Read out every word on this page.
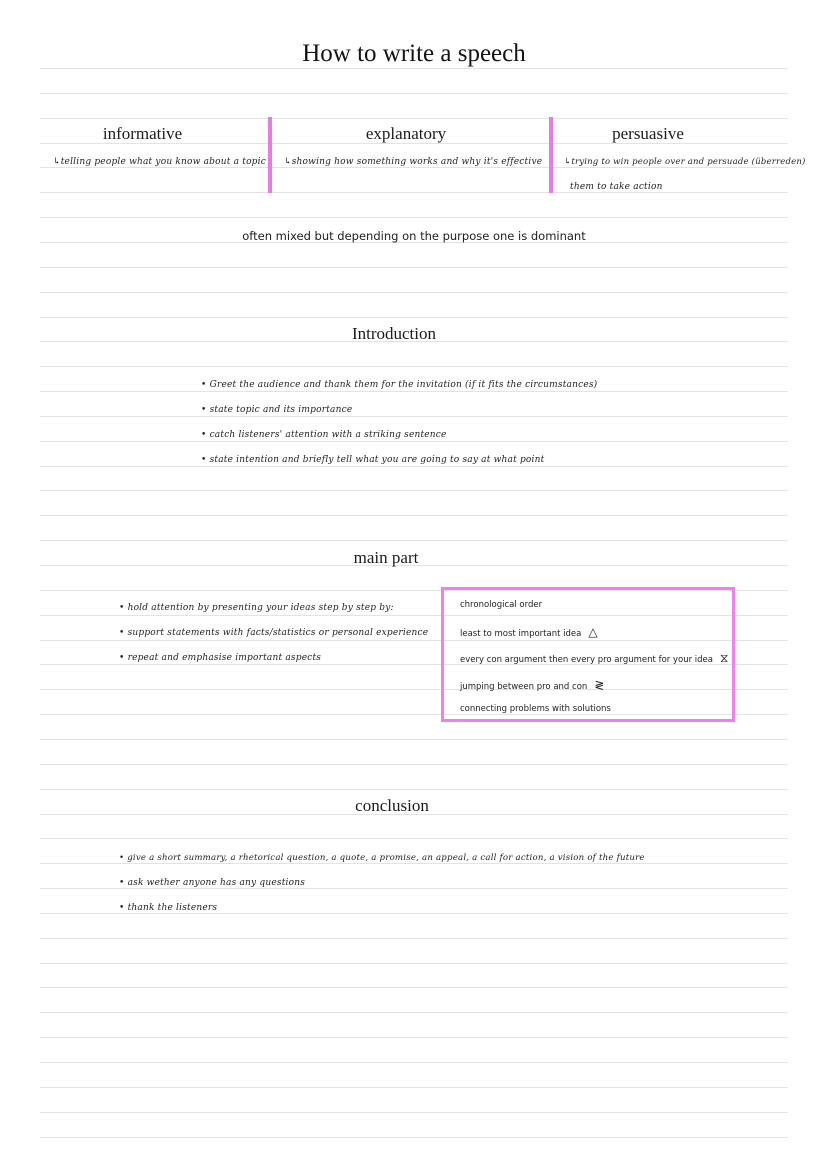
How to write a speech
informative
↳telling people what you know about a topic
explanatory
↳showing how something works and why it's effective
persuasive
↳trying to win people over and persuade (überreden)
them to take action
often mixed but depending on the purpose one is dominant
Introduction
• Greet the audience and thank them for the invitation (if it fits the circumstances)
• state topic and its importance
• catch listeners' attention with a striking sentence
• state intention and briefly tell what you are going to say at what point
main part
• hold attention by presenting your ideas step by step by:
• support statements with facts/statistics or personal experience
• repeat and emphasise important aspects
chronological order
least to most important idea △
every con argument then every pro argument for your idea ⧖
jumping between pro and con ≷
connecting problems with solutions
conclusion
• give a short summary, a rhetorical question, a quote, a promise, an appeal, a call for action, a vision of the future
• ask wether anyone has any questions
• thank the listeners
